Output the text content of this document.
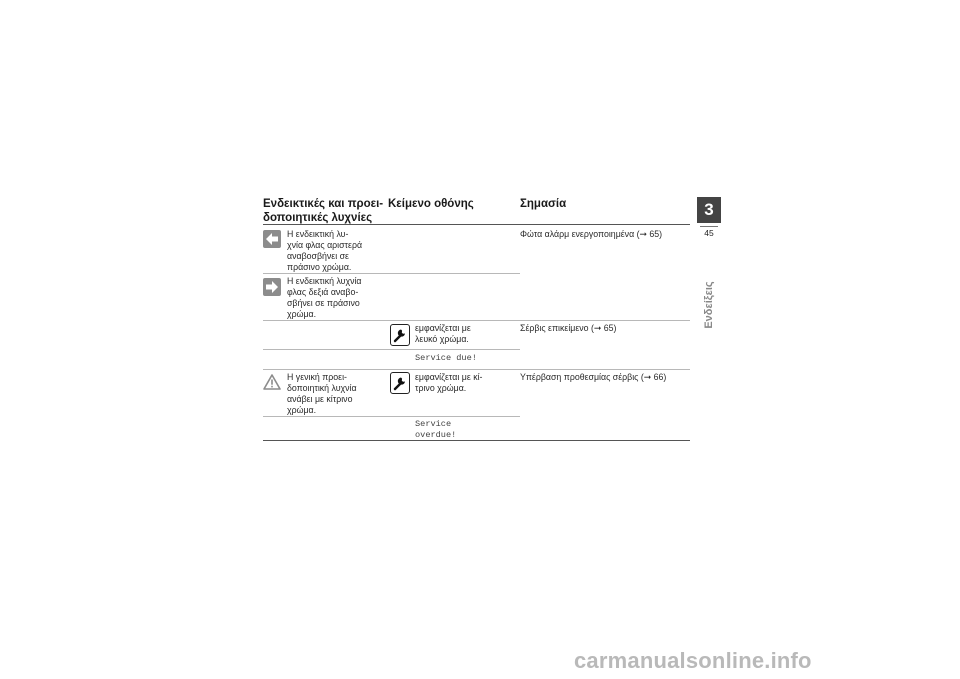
Ενδεικτικές και προει-
δοποιητικές λυχνίες
Κείμενο οθόνης	Σημασία
Η ενδεικτική λυ-
χνία φλας αριστερά
αναβοσβήνει σε
πράσινο χρώμα.
Φώτα αλάρμ ενεργοποιημένα (➞ 65)
Η ενδεικτική λυχνία
φλας δεξιά αναβο-
σβήνει σε πράσινο
χρώμα.
εμφανίζεται με
λευκό χρώμα.
Service due!
Σέρβις επικείμενο (➞ 65)
Η γενική προει-
δοποιητική λυχνία
ανάβει με κίτρινο
χρώμα.
εμφανίζεται με κί-
τρινο χρώμα.
Service
overdue!
Υπέρβαση προθεσμίας σέρβις (➞ 66)
3
45
Ενδείξεις
carmanualsonline.info
